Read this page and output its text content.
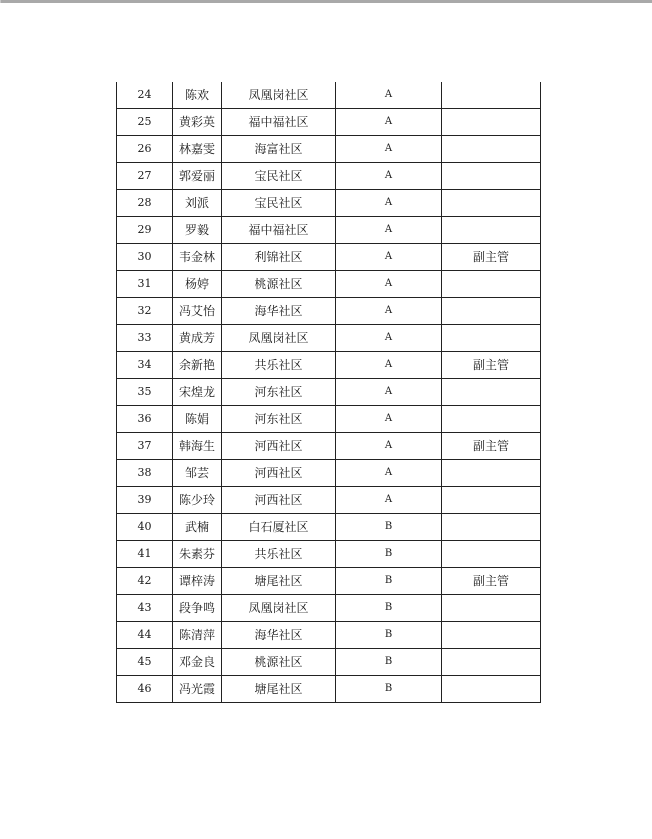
24	陈欢	凤凰岗社区	A	
25	黄彩英	福中福社区	A	
26	林嘉雯	海富社区	A	
27	郭爱丽	宝民社区	A	
28	刘派	宝民社区	A	
29	罗毅	福中福社区	A	
30	韦金林	利锦社区	A	副主管
31	杨婷	桃源社区	A	
32	冯艾怡	海华社区	A	
33	黄成芳	凤凰岗社区	A	
34	余新艳	共乐社区	A	副主管
35	宋煌龙	河东社区	A	
36	陈娟	河东社区	A	
37	韩海生	河西社区	A	副主管
38	邹芸	河西社区	A	
39	陈少玲	河西社区	A	
40	武楠	白石厦社区	B	
41	朱素芬	共乐社区	B	
42	谭梓涛	塘尾社区	B	副主管
43	段争鸣	凤凰岗社区	B	
44	陈清萍	海华社区	B	
45	邓金良	桃源社区	B	
46	冯光霞	塘尾社区	B	
